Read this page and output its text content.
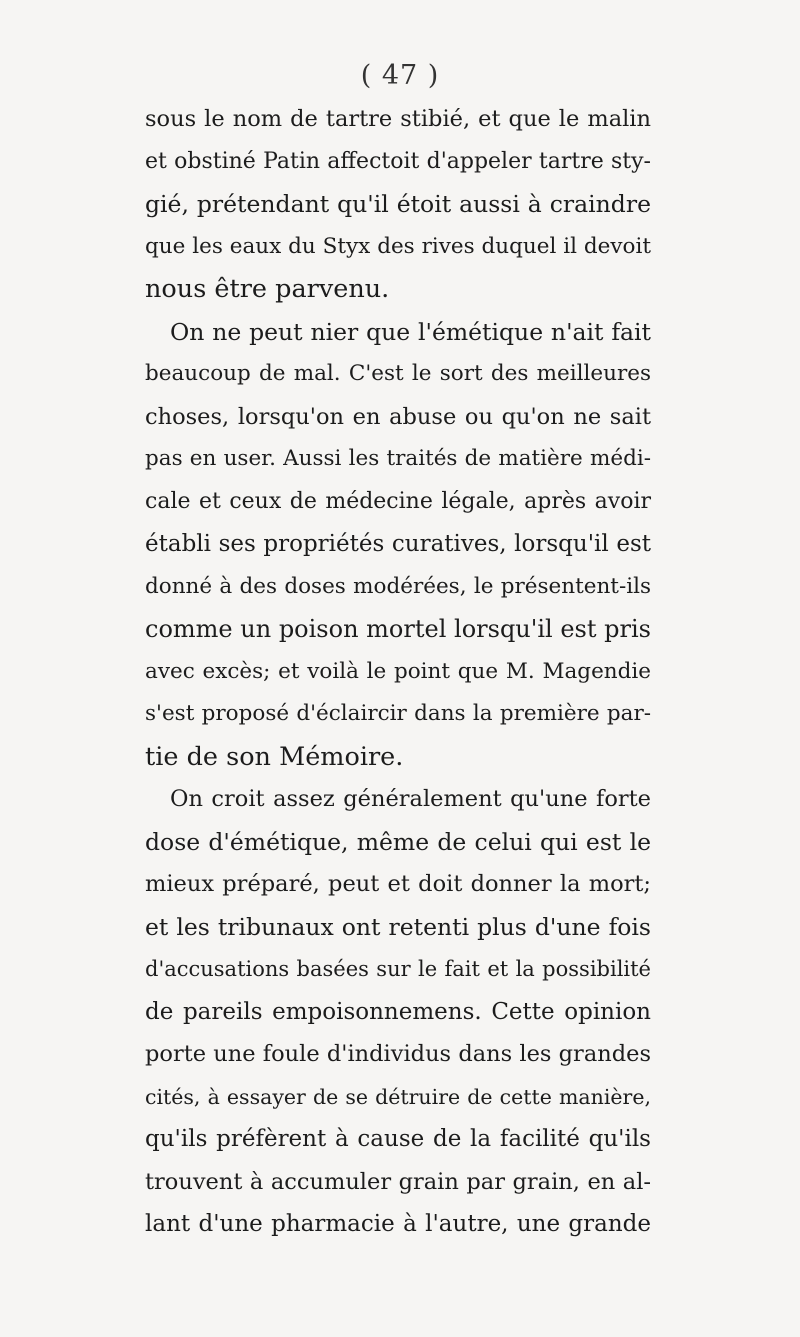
( 47 )
sous le nom de tartre stibié, et que le malin
et obstiné Patin affectoit d'appeler tartre sty-
gié, prétendant qu'il étoit aussi à craindre
que les eaux du Styx des rives duquel il devoit
nous être parvenu.
On ne peut nier que l'émétique n'ait fait
beaucoup de mal. C'est le sort des meilleures
choses, lorsqu'on en abuse ou qu'on ne sait
pas en user. Aussi les traités de matière médi-
cale et ceux de médecine légale, après avoir
établi ses propriétés curatives, lorsqu'il est
donné à des doses modérées, le présentent-ils
comme un poison mortel lorsqu'il est pris
avec excès; et voilà le point que M. Magendie
s'est proposé d'éclaircir dans la première par-
tie de son Mémoire.
On croit assez généralement qu'une forte
dose d'émétique, même de celui qui est le
mieux préparé, peut et doit donner la mort;
et les tribunaux ont retenti plus d'une fois
d'accusations basées sur le fait et la possibilité
de pareils empoisonnemens. Cette opinion
porte une foule d'individus dans les grandes
cités, à essayer de se détruire de cette manière,
qu'ils préfèrent à cause de la facilité qu'ils
trouvent à accumuler grain par grain, en al-
lant d'une pharmacie à l'autre, une grande
